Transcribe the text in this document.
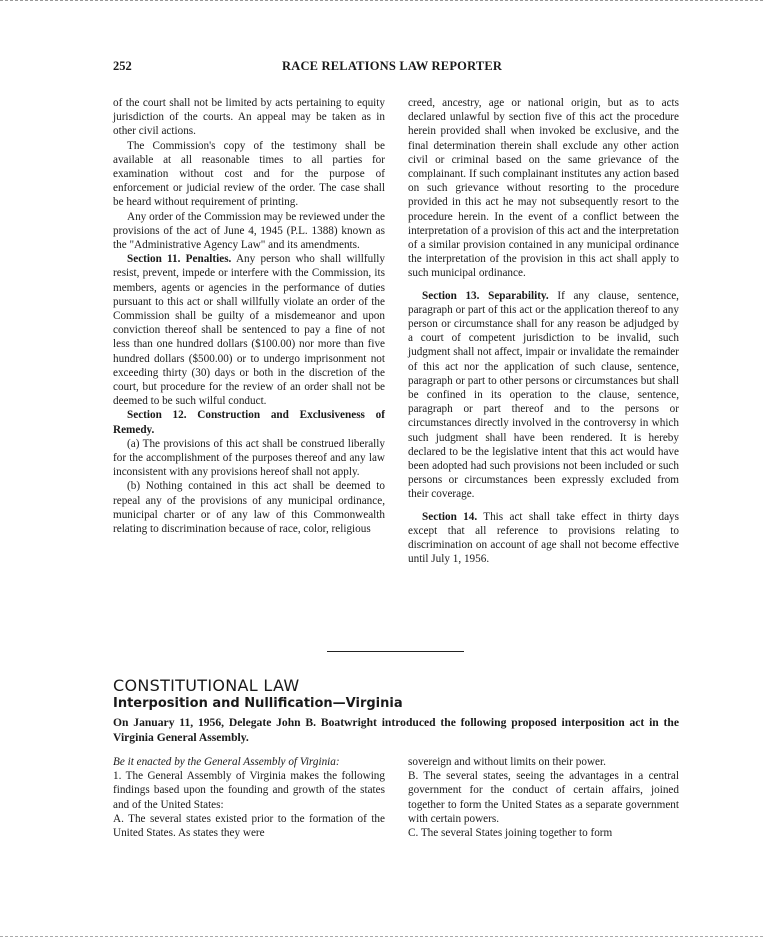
252	RACE RELATIONS LAW REPORTER

of the court shall not be limited by acts pertaining to equity jurisdiction of the courts. An appeal may be taken as in other civil actions.

The Commission's copy of the testimony shall be available at all reasonable times to all parties for examination without cost and for the purpose of enforcement or judicial review of the order. The case shall be heard without requirement of printing.

Any order of the Commission may be reviewed under the provisions of the act of June 4, 1945 (P.L. 1388) known as the "Administrative Agency Law" and its amendments.

Section 11. Penalties. Any person who shall willfully resist, prevent, impede or interfere with the Commission, its members, agents or agencies in the performance of duties pursuant to this act or shall willfully violate an order of the Commission shall be guilty of a misdemeanor and upon conviction thereof shall be sentenced to pay a fine of not less than one hundred dollars ($100.00) nor more than five hundred dollars ($500.00) or to undergo imprisonment not exceeding thirty (30) days or both in the discretion of the court, but procedure for the review of an order shall not be deemed to be such wilful conduct.

Section 12. Construction and Exclusiveness of Remedy.

(a) The provisions of this act shall be construed liberally for the accomplishment of the purposes thereof and any law inconsistent with any provisions hereof shall not apply.

(b) Nothing contained in this act shall be deemed to repeal any of the provisions of any municipal ordinance, municipal charter or of any law of this Commonwealth relating to discrimination because of race, color, religious

creed, ancestry, age or national origin, but as to acts declared unlawful by section five of this act the procedure herein provided shall when invoked be exclusive, and the final determination therein shall exclude any other action civil or criminal based on the same grievance of the complainant. If such complainant institutes any action based on such grievance without resorting to the procedure provided in this act he may not subsequently resort to the procedure herein. In the event of a conflict between the interpretation of a provision of this act and the interpretation of a similar provision contained in any municipal ordinance the interpretation of the provision in this act shall apply to such municipal ordinance.

Section 13. Separability. If any clause, sentence, paragraph or part of this act or the application thereof to any person or circumstance shall for any reason be adjudged by a court of competent jurisdiction to be invalid, such judgment shall not affect, impair or invalidate the remainder of this act nor the application of such clause, sentence, paragraph or part to other persons or circumstances but shall be confined in its operation to the clause, sentence, paragraph or part thereof and to the persons or circumstances directly involved in the controversy in which such judgment shall have been rendered. It is hereby declared to be the legislative intent that this act would have been adopted had such provisions not been included or such persons or circumstances been expressly excluded from their coverage.

Section 14. This act shall take effect in thirty days except that all reference to provisions relating to discrimination on account of age shall not become effective until July 1, 1956.

CONSTITUTIONAL LAW
Interposition and Nullification—Virginia
On January 11, 1956, Delegate John B. Boatwright introduced the following proposed interposition act in the Virginia General Assembly.

Be it enacted by the General Assembly of Virginia:

1. The General Assembly of Virginia makes the following findings based upon the founding and growth of the states and of the United States:

A. The several states existed prior to the formation of the United States. As states they were

sovereign and without limits on their power.

B. The several states, seeing the advantages in a central government for the conduct of certain affairs, joined together to form the United States as a separate government with certain powers.

C. The several States joining together to form
